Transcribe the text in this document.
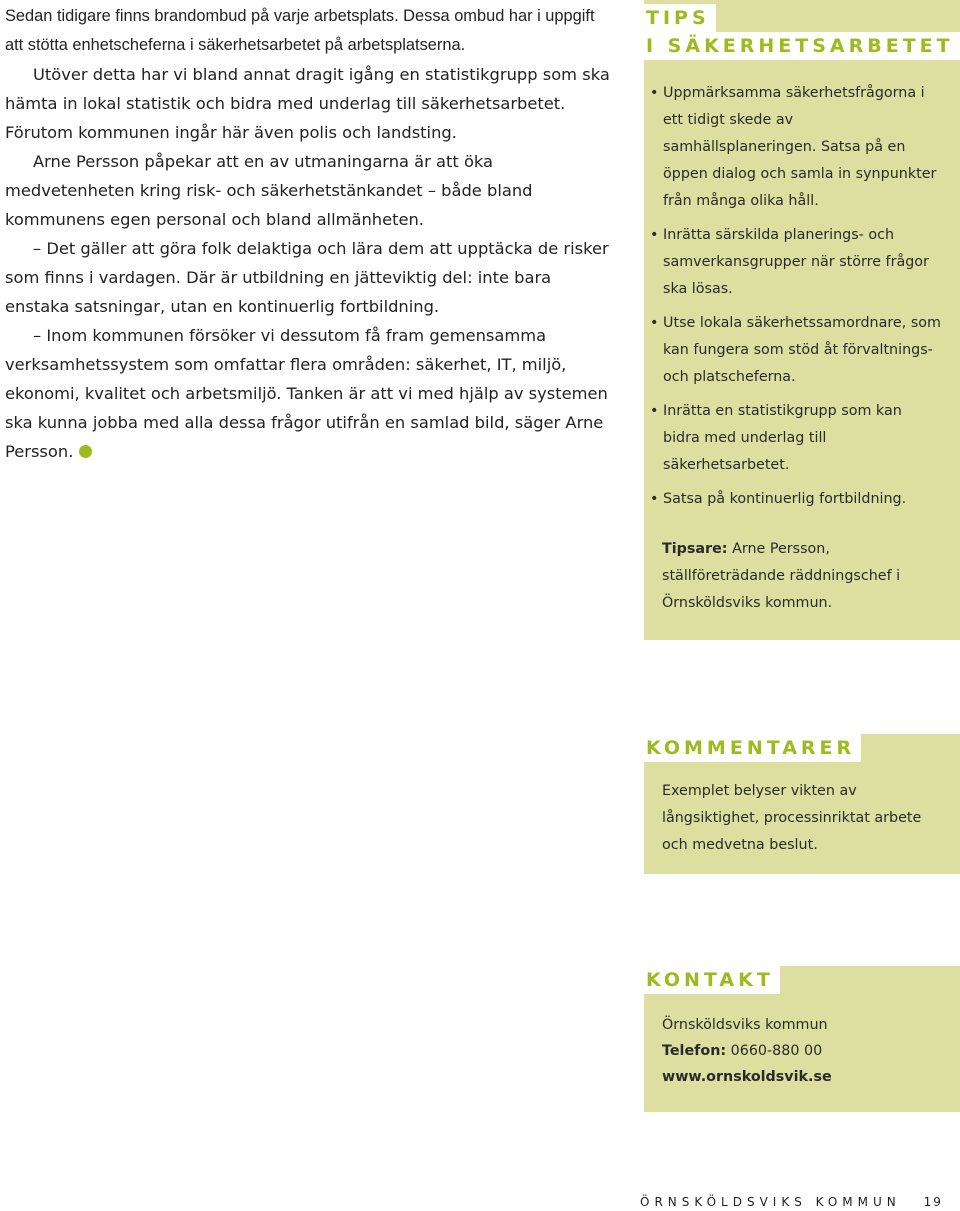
Sedan tidigare finns brandombud på varje arbetsplats. Dessa ombud har i uppgift att stötta enhetscheferna i säkerhetsarbetet på arbetsplatserna.

Utöver detta har vi bland annat dragit igång en statistikgrupp som ska hämta in lokal statistik och bidra med underlag till säkerhetsarbetet. Förutom kommunen ingår här även polis och landsting.

Arne Persson påpekar att en av utmaningarna är att öka medvetenheten kring risk- och säkerhetstänkandet – både bland kommunens egen personal och bland allmänheten.

– Det gäller att göra folk delaktiga och lära dem att upptäcka de risker som finns i vardagen. Där är utbildning en jätteviktig del: inte bara enstaka satsningar, utan en kontinuerlig fortbildning.

– Inom kommunen försöker vi dessutom få fram gemensamma verksamhetssystem som omfattar flera områden: säkerhet, IT, miljö, ekonomi, kvalitet och arbetsmiljö. Tanken är att vi med hjälp av systemen ska kunna jobba med alla dessa frågor utifrån en samlad bild, säger Arne Persson.

TIPS
I SÄKERHETSARBETET
• Uppmärksamma säkerhetsfrågorna i ett tidigt skede av samhällsplaneringen. Satsa på en öppen dialog och samla in synpunkter från många olika håll.
• Inrätta särskilda planerings- och samverkansgrupper när större frågor ska lösas.
• Utse lokala säkerhetssamordnare, som kan fungera som stöd åt förvaltnings- och platscheferna.
• Inrätta en statistikgrupp som kan bidra med underlag till säkerhetsarbetet.
• Satsa på kontinuerlig fortbildning.
Tipsare: Arne Persson, ställföreträdande räddningschef i Örnsköldsviks kommun.
KOMMENTARER
Exemplet belyser vikten av långsiktighet, processinriktat arbete och medvetna beslut.
KONTAKT
Örnsköldsviks kommun
Telefon: 0660-880 00
www.ornskoldsvik.se
ÖRNSKÖLDSVIKS KOMMUN 19
